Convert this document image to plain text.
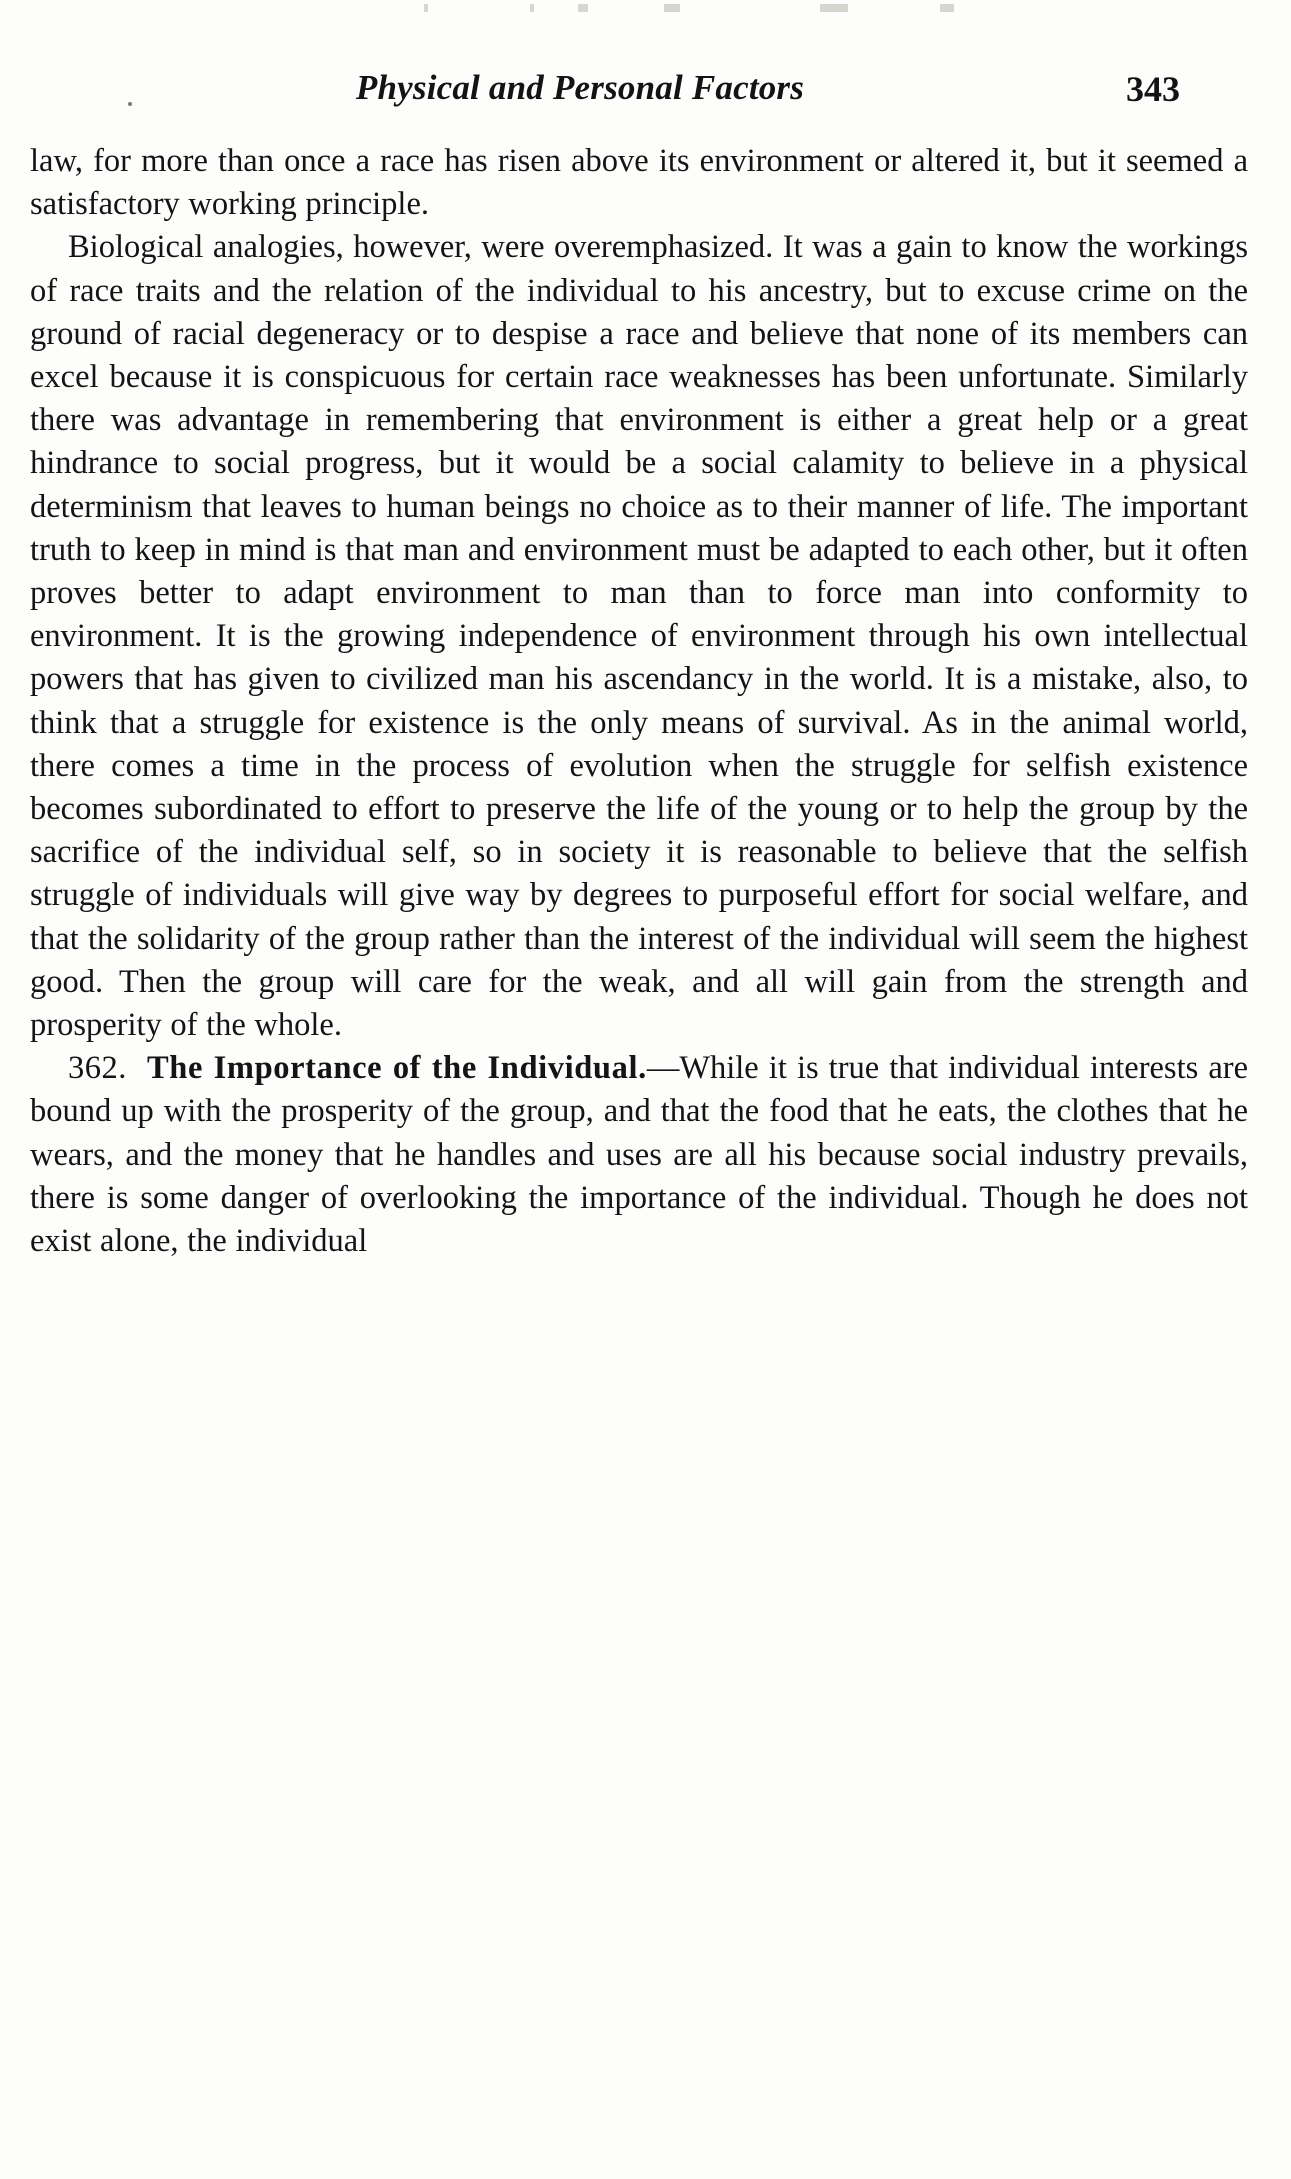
Physical and Personal Factors	343

law, for more than once a race has risen above its environment or altered it, but it seemed a satisfactory working principle.

Biological analogies, however, were overemphasized. It was a gain to know the workings of race traits and the relation of the individual to his ancestry, but to excuse crime on the ground of racial degeneracy or to despise a race and believe that none of its members can excel because it is conspicuous for certain race weaknesses has been unfortunate. Similarly there was advantage in remembering that environment is either a great help or a great hindrance to social progress, but it would be a social calamity to believe in a physical determinism that leaves to human beings no choice as to their manner of life. The important truth to keep in mind is that man and environment must be adapted to each other, but it often proves better to adapt environment to man than to force man into conformity to environment. It is the growing independence of environment through his own intellectual powers that has given to civilized man his ascendancy in the world. It is a mistake, also, to think that a struggle for existence is the only means of survival. As in the animal world, there comes a time in the process of evolution when the struggle for selfish existence becomes subordinated to effort to preserve the life of the young or to help the group by the sacrifice of the individual self, so in society it is reasonable to believe that the selfish struggle of individuals will give way by degrees to purposeful effort for social welfare, and that the solidarity of the group rather than the interest of the individual will seem the highest good. Then the group will care for the weak, and all will gain from the strength and prosperity of the whole.

362. The Importance of the Individual.—While it is true that individual interests are bound up with the prosperity of the group, and that the food that he eats, the clothes that he wears, and the money that he handles and uses are all his because social industry prevails, there is some danger of overlooking the importance of the individual. Though he does not exist alone, the individual
